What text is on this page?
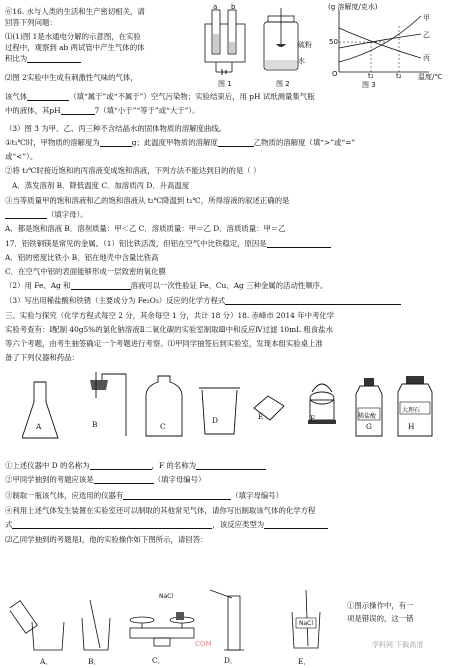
⑥16. 水与人类的生活和生产密切相关，请
回答下列问题：
⑴(1)图 1是水通电分解的示意图，在实验
过程中，观察到 ab 两试管中产生气体的体
积比为
⑵图 2实验中生成有刺激性气味的气体，
a b
图 1
硫粉
水
图 2
(g 溶解度/克水)
甲
乙
丙
50
O	t₁	t₂ 温度/℃
图 3
该气体	（填“属于”或“不属于”）空气污染物；实验结束后，用 pH 试纸测量集气瓶
中的液体，其pH	7（填“小于”“等于”或“大于”）。
（3）图 3 为甲、乙、丙三种不含结晶水的固体物质的溶解度曲线。
①t₁℃时，甲物质的溶解度为	g；此温度甲物质的溶解度	乙物质的溶解度（填“>”或“=”
或“<”）。
②将 t₂℃时接近饱和的丙溶液变成饱和溶液，下列方法不能达到目的的是（ ）
A．蒸发溶剂 B．降低温度 C．加溶质丙 D．升高温度
③当等质量甲的饱和溶液和乙的饱和溶液从 t₂℃降温到 t₁℃，所得溶液的叙述正确的是
（填字母）。
A．都是饱和溶液 B．溶剂质量：甲＜乙 C．溶质质量：甲＝乙 D．溶质质量：甲＝乙
17．铝铁铜镁是常见的金属。（1）铝比铁活泼，但铝在空气中比铁稳定，原因是
A．铝的密度比铁小 B．铝在地壳中含量比铁高
C．在空气中铝的表面能够形成一层致密的氧化膜
（2）用 Fe、Ag 和	溶液可以一次性验证 Fe、Cu、Ag 三种金属的活动性顺序。
（3）写出用稀盐酸和铁锈（主要成分为 Fe₂O₃）反应的化学方程式
三、实验与探究（化学方程式每空 2 分，其余每空 1 分，共计 18 分）18. 赤峰市 2014 年中考化学
实验考查有：Ⅰ配制 40g5%的氯化钠溶液Ⅱ二氧化碳的实验室制取Ⅲ中和反应Ⅳ过滤 10mL 粗食盐水
等六个考题，由考生抽签确定一个考题进行考察。⑴甲同学抽签后到实验室，发现本组实验桌上准
备了下列仪器和药品：
稀盐酸
大理石
A	B	C
D	E	F
G	H
①上述仪器中 D 的名称为	，F 的名称为
②甲同学抽到的考题应该是	（填字母编号）
③制取一瓶该气体，应选用的仪器有	（填字母编号）
④利用上述气体发生装置在实验室还可以制取的其他常见气体，请你写出制取该气体的化学方程
式	，该反应类型为
⑵乙同学抽到的考题是Ⅰ，他的实验操作如下图所示，请回答：
NaCl
NaCl
A．	B．	C．	D．	E．
①图示操作中，有一
项是错误的，这一错
学科网 下载高清
COM
